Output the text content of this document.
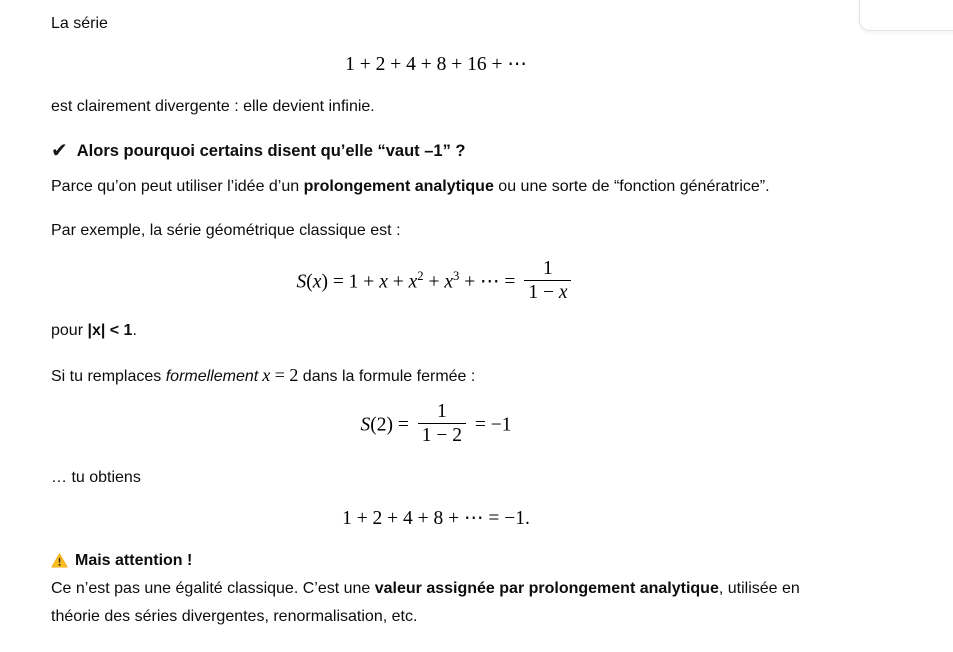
La série

1 + 2 + 4 + 8 + 16 + ⋯

est clairement divergente : elle devient infinie.

✔ Alors pourquoi certains disent qu’elle “vaut –1” ?

Parce qu’on peut utiliser l’idée d’un prolongement analytique ou une sorte de “fonction génératrice”.

Par exemple, la série géométrique classique est :

$S(x) = 1 + x + x^2 + x^3$ + ⋯ = $\frac{1}{1 - x}$

pour |x| < 1.

Si tu remplaces formellement x = 2 dans la formule fermée :

$S(2) = \frac{1}{1 - 2} = -1$

… tu obtiens

1 + 2 + 4 + 8 + ⋯ = −1.
Mais attention !

Ce n’est pas une égalité classique. C’est une valeur assignée par prolongement analytique, utilisée en
théorie des séries divergentes, renormalisation, etc.
